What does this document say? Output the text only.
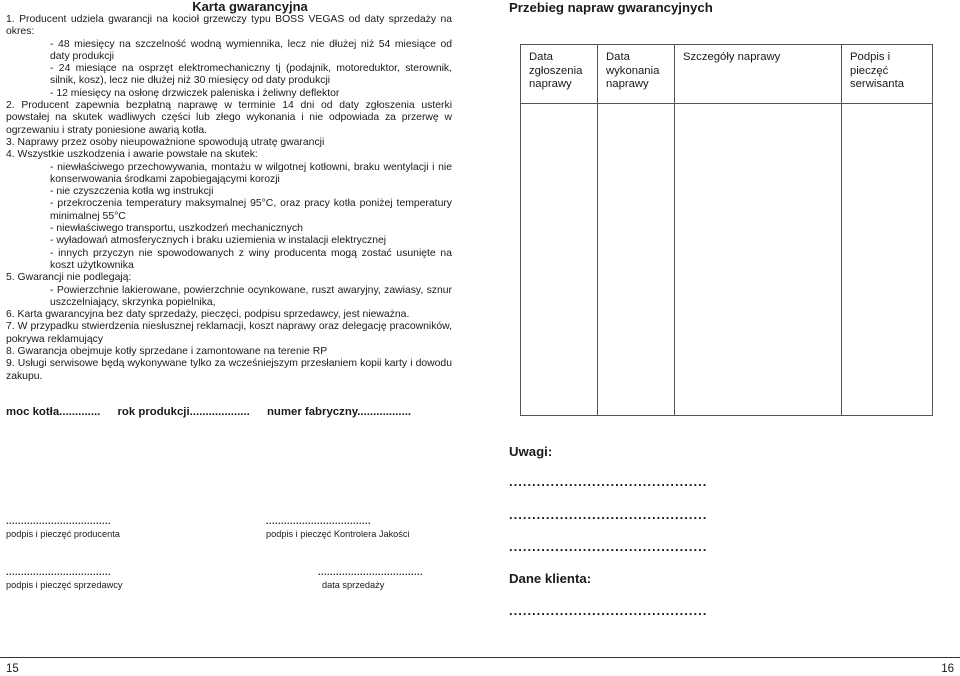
Karta gwarancyjna

1. Producent udziela gwarancji na kocioł grzewczy typu BOSS VEGAS od daty sprzedaży na okres:

- 48 miesięcy na szczelność wodną wymiennika, lecz nie dłużej niż 54 miesiące od daty produkcji

- 24 miesiące na osprzęt elektromechaniczny tj (podajnik, motoreduktor, sterownik, silnik, kosz), lecz nie dłużej niż 30 miesięcy od daty produkcji

- 12 miesięcy na osłonę drzwiczek paleniska i żeliwny deflektor

2. Producent zapewnia bezpłatną naprawę w terminie 14 dni od daty zgłoszenia usterki powstałej na skutek wadliwych części lub złego wykonania i nie odpowiada za przerwę w ogrzewaniu i straty poniesione awarią kotła.

3. Naprawy przez osoby nieupoważnione spowodują utratę gwarancji

4. Wszystkie uszkodzenia i awarie powstałe na skutek:

- niewłaściwego przechowywania, montażu w wilgotnej kotłowni, braku wentylacji i nie konserwowania środkami zapobiegającymi korozji

- nie czyszczenia kotła wg instrukcji

- przekroczenia temperatury maksymalnej 95°C, oraz pracy kotła poniżej temperatury minimalnej 55°C

- niewłaściwego transportu, uszkodzeń mechanicznych

- wyładowań atmosferycznych i braku uziemienia w instalacji elektrycznej

- innych przyczyn nie spowodowanych z winy producenta mogą zostać usunięte na koszt użytkownika

5. Gwarancji nie podlegają:

- Powierzchnie lakierowane, powierzchnie ocynkowane, ruszt awaryjny, zawiasy, sznur uszczelniający, skrzynka popielnika,

6. Karta gwarancyjna bez daty sprzedaży, pieczęci, podpisu sprzedawcy, jest nieważna.

7. W przypadku stwierdzenia niesłusznej reklamacji, koszt naprawy oraz delegację pracowników, pokrywa reklamujący

8. Gwarancja obejmuje kotły sprzedane i zamontowane na terenie RP

9. Usługi serwisowe będą wykonywane tylko za wcześniejszym przesłaniem kopii karty i dowodu zakupu.

moc kotła............. rok produkcji................... numer fabryczny.................
...................................
podpis i pieczęć producenta
...................................
podpis i pieczęć Kontrolera Jakości
...................................
podpis i pieczęć sprzedawcy
...................................
data sprzedaży
Przebieg napraw gwarancyjnych
Data zgłoszenia naprawy	Data wykonania naprawy	Szczegóły naprawy	Podpis i pieczęć serwisanta

Uwagi:
...........................................
...........................................
...........................................
Dane klienta:
...........................................
15	16
